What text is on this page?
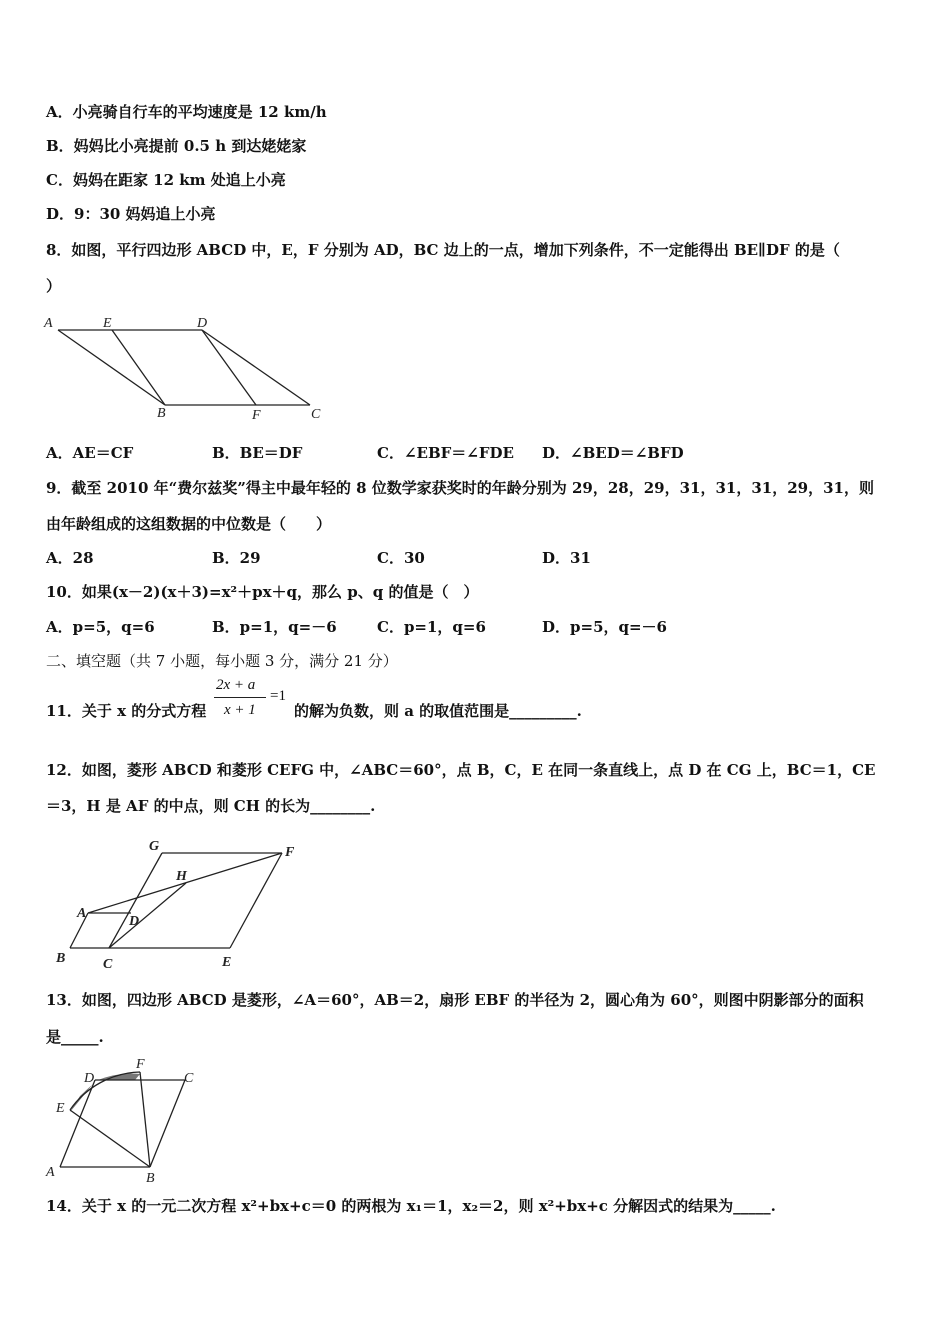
A．小亮骑自行车的平均速度是 12 km/h
B．妈妈比小亮提前 0.5 h 到达姥姥家
C．妈妈在距家 12 km 处追上小亮
D．9：30 妈妈追上小亮
8．如图，平行四边形 ABCD 中，E，F 分别为 AD，BC 边上的一点，增加下列条件，不一定能得出 BE∥DF 的是（
）
A	E	D
B	F	C
A．AE＝CF	B．BE＝DF	C．∠EBF＝∠FDE D．∠BED＝∠BFD
9．截至 2010 年“费尔兹奖”得主中最年轻的 8 位数学家获奖时的年龄分别为 29，28，29，31，31，31，29，31，则
由年龄组成的这组数据的中位数是（　　）
A．28	B．29	C．30	D．31
10．如果(x－2)(x＋3)=x²＋px＋q，那么 p、q 的值是（　）
A．p=5，q=6	B．p=1，q=－6	C．p=1，q=6	D．p=5，q=－6
二、填空题（共 7 小题，每小题 3 分，满分 21 分）
11．关于 x 的分式方程
2x + a
x + 1
=1
的解为负数，则 a 的取值范围是_________.
12．如图，菱形 ABCD 和菱形 CEFG 中，∠ABC＝60°，点 B，C，E 在同一条直线上，点 D 在 CG 上，BC＝1，CE
＝3，H 是 AF 的中点，则 CH 的长为________.
G	F
H
A
D
B	C	E
13．如图，四边形 ABCD 是菱形，∠A＝60°，AB＝2，扇形 EBF 的半径为 2，圆心角为 60°，则图中阴影部分的面积
是_____.
D
F
C
E
A	B
14．关于 x 的一元二次方程 x²+bx+c＝0 的两根为 x₁＝1，x₂＝2，则 x²+bx+c 分解因式的结果为_____.
